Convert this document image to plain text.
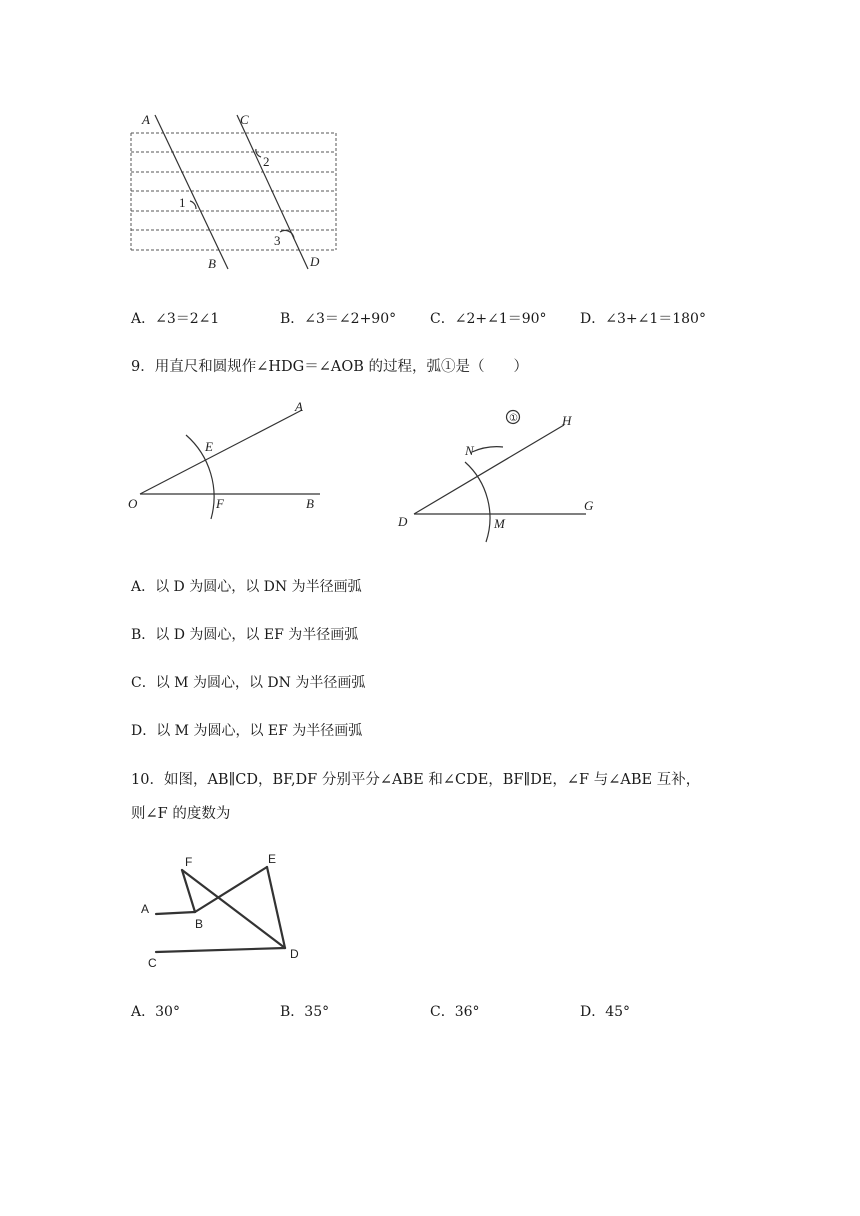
A	C
B	D
1
2
3
A．∠3＝2∠1	B．∠3＝∠2+90° C．∠2+∠1＝90° D．∠3+∠1＝180°
9．用直尺和圆规作∠HDG＝∠AOB 的过程，弧①是（　　）
A
E
O	F	B
H
N
①
D	M
G
A．以 D 为圆心，以 DN 为半径画弧
B．以 D 为圆心，以 EF 为半径画弧
C．以 M 为圆心，以 DN 为半径画弧
D．以 M 为圆心，以 EF 为半径画弧
10．如图，AB∥CD，BF,DF 分别平分∠ABE 和∠CDE，BF∥DE，∠F 与∠ABE 互补，
则∠F 的度数为
F	E
A
B
C
D
A．30°	B．35°	C．36°	D．45°
